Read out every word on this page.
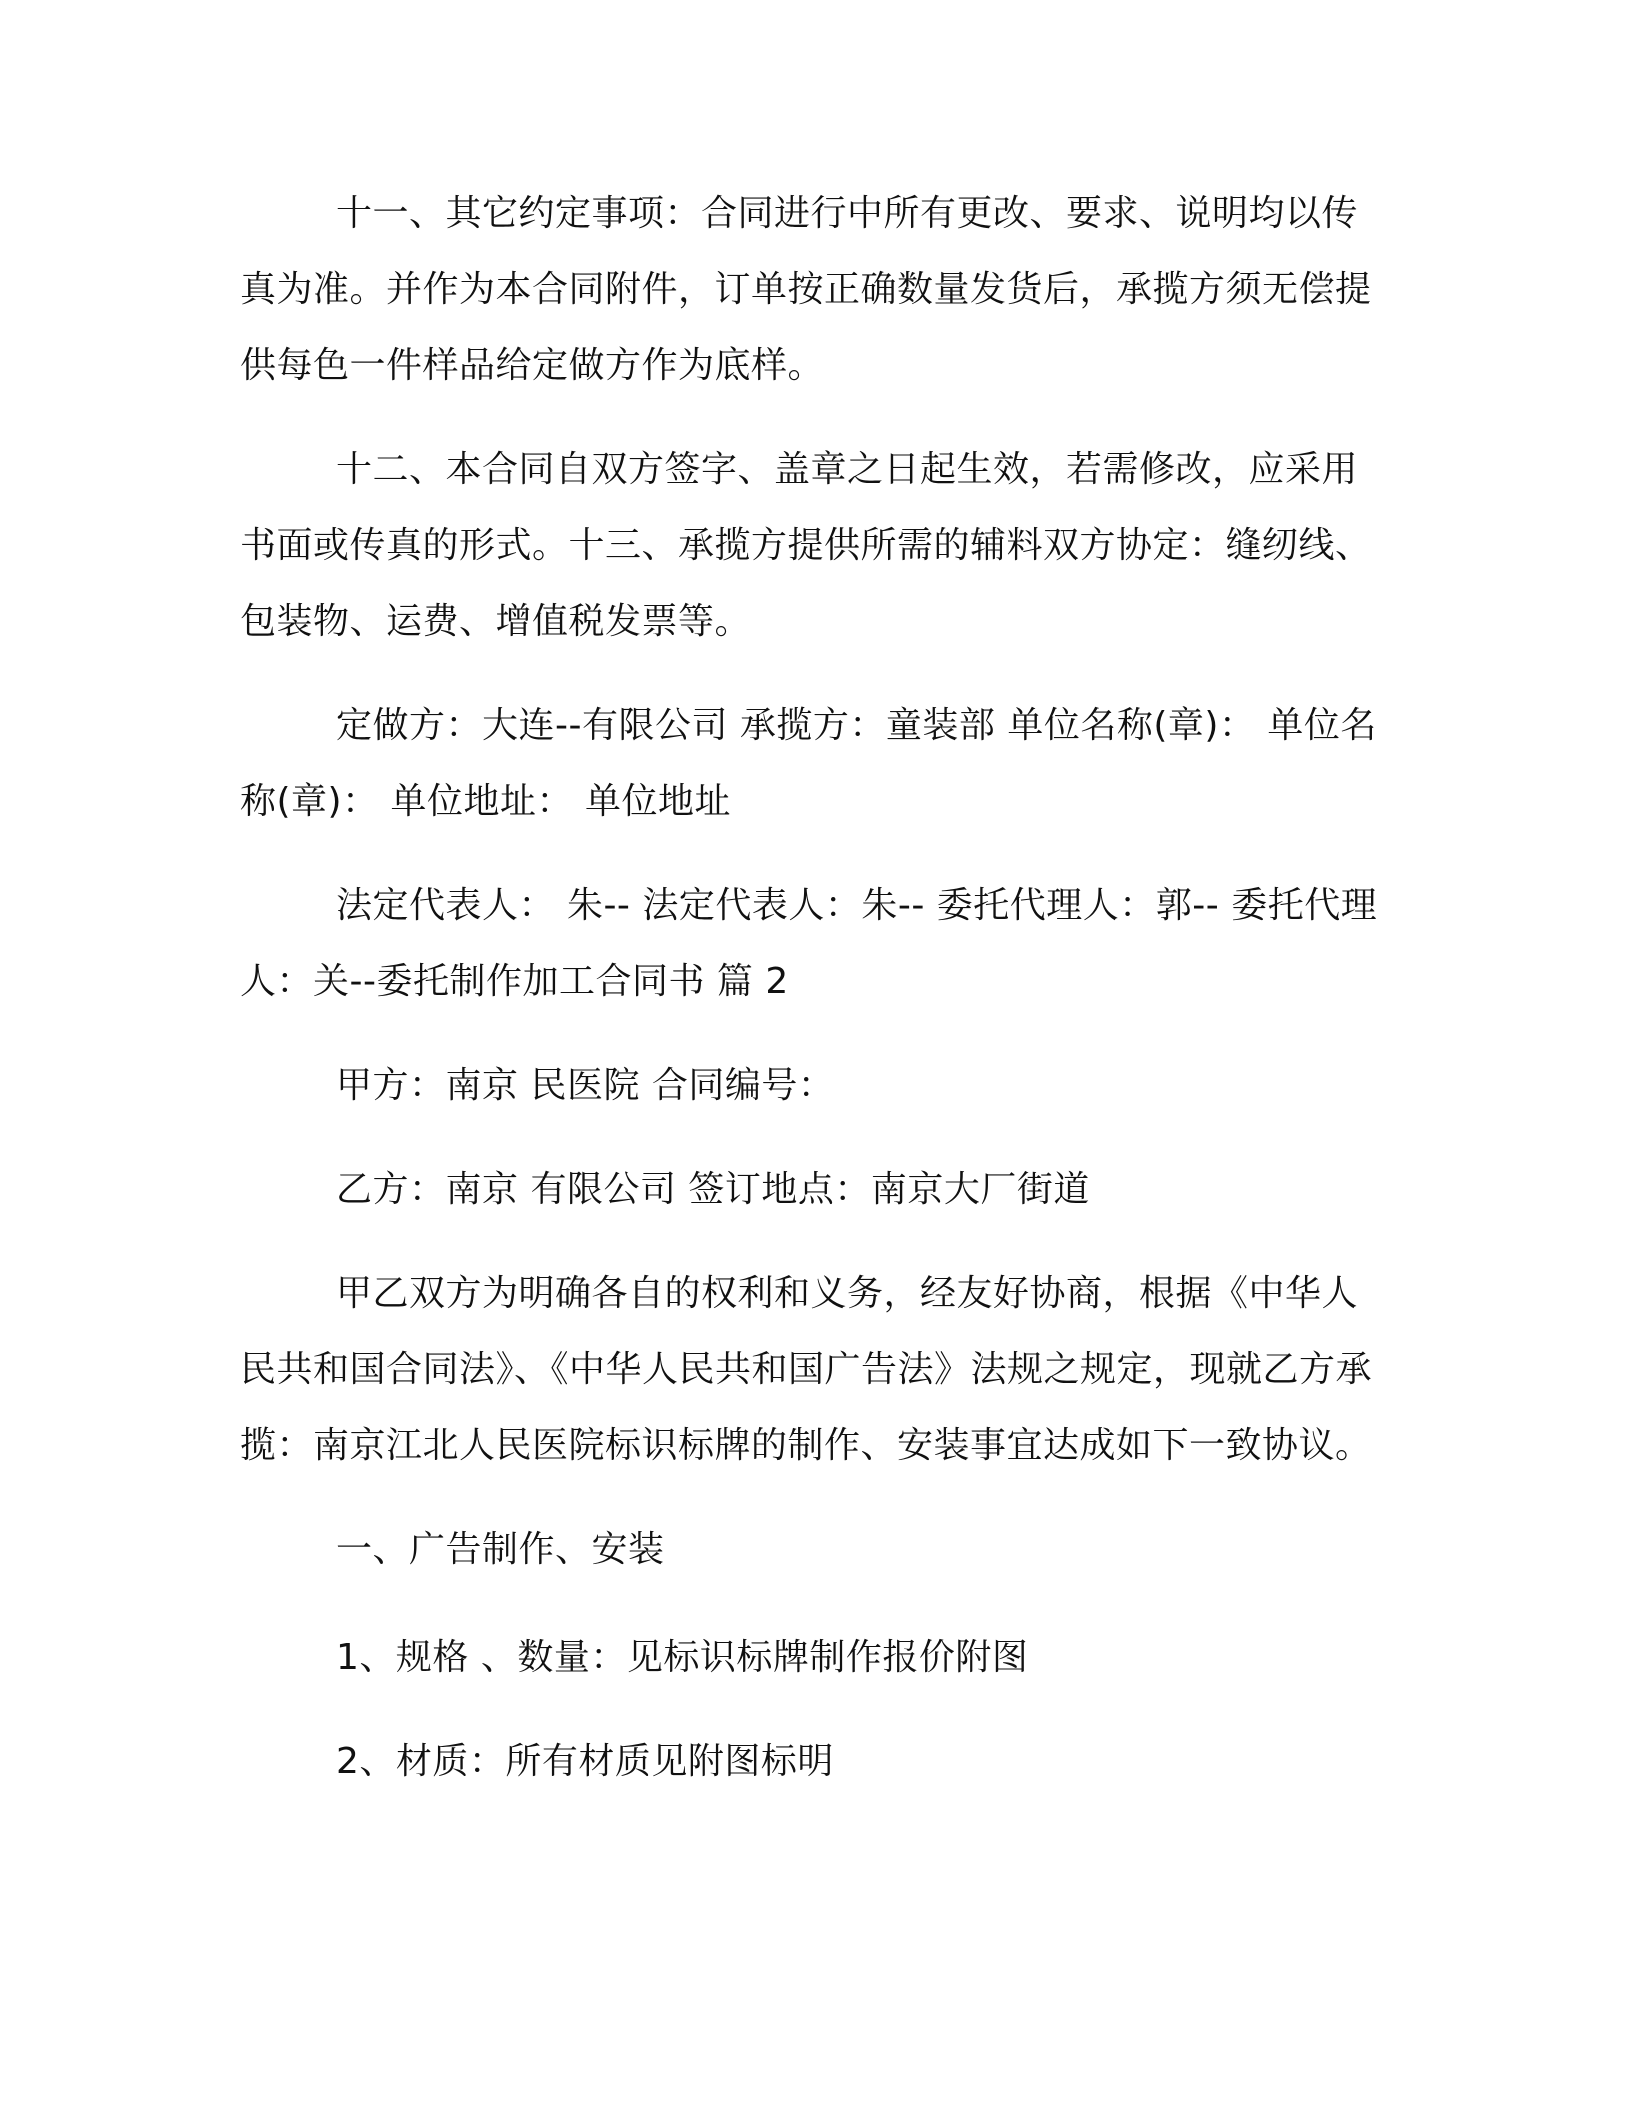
十一、其它约定事项：合同进行中所有更改、要求、说明均以传真为准。并作为本合同附件，订单按正确数量发货后，承揽方须无偿提供每色一件样品给定做方作为底样。

十二、本合同自双方签字、盖章之日起生效，若需修改，应采用书面或传真的形式。十三、承揽方提供所需的辅料双方协定：缝纫线、包装物、运费、增值税发票等。

定做方：大连--有限公司 承揽方：童装部 单位名称(章)： 单位名称(章)： 单位地址： 单位地址

法定代表人： 朱-- 法定代表人：朱-- 委托代理人：郭-- 委托代理人：关--委托制作加工合同书 篇 2

甲方：南京 民医院 合同编号：

乙方：南京 有限公司 签订地点：南京大厂街道

甲乙双方为明确各自的权利和义务，经友好协商，根据《中华人民共和国合同法》、《中华人民共和国广告法》法规之规定，现就乙方承揽：南京江北人民医院标识标牌的制作、安装事宜达成如下一致协议。

一、广告制作、安装

1、规格 、数量：见标识标牌制作报价附图

2、材质：所有材质见附图标明
